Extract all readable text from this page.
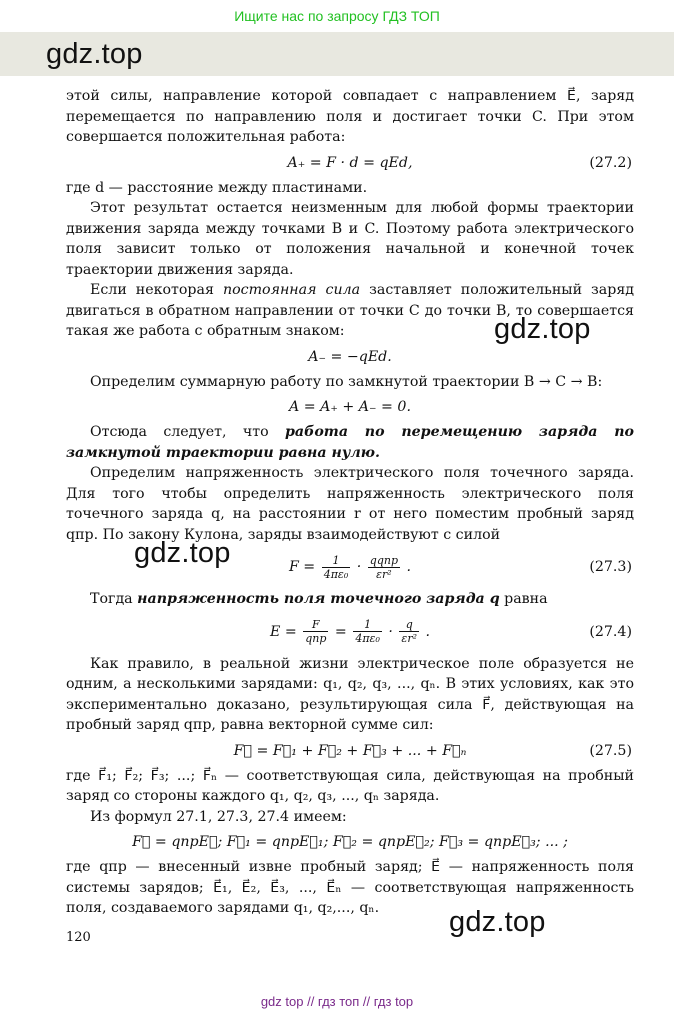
Ищите нас по запросу ГДЗ ТОП
gdz.top

этой силы, направление которой совпадает с направлением E⃗, заряд перемещается по направлению поля и достигает точки C. При этом совершается положительная работа:

A₊ = F · d = qEd,	(27.2)

где d — расстояние между пластинами.

Этот результат остается неизменным для любой формы траектории движения заряда между точками B и C. Поэтому работа электрического поля зависит только от положения начальной и конечной точек траектории движения заряда.

Если некоторая постоянная сила заставляет положительный заряд двигаться в обратном направлении от точки C до точки B, то совершается такая же работа с обратным знаком:

A₋ = −qEd.

Определим суммарную работу по замкнутой траектории B → C → B:

A = A₊ + A₋ = 0.

Отсюда следует, что работа по перемещению заряда по замкнутой траектории равна нулю.

Определим напряженность электрического поля точечного заряда. Для того чтобы определить напряженность электрического поля точечного заряда q, на расстоянии r от него поместим пробный заряд qпр. По закону Кулона, заряды взаимодействуют с силой

$F = \frac{1}{\text{4πε₀}} \cdot \frac{\text{qqпр}}{\text{εr²}}$ .	(27.3)

Тогда напряженность поля точечного заряда q равна

$E = \frac{F}{\text{qпр}} = \frac{1}{\text{4πε₀}} \cdot \frac{q}{\text{εr²}}$ .	(27.4)

Как правило, в реальной жизни электрическое поле образуется не одним, а несколькими зарядами: q₁, q₂, q₃, ..., qₙ. В этих условиях, как это экспериментально доказано, результирующая сила F⃗, действующая на пробный заряд qпр, равна векторной сумме сил:

F⃗ = F⃗₁ + F⃗₂ + F⃗₃ + ... + F⃗ₙ	(27.5)

где F⃗₁; F⃗₂; F⃗₃; ...; F⃗ₙ — соответствующая сила, действующая на пробный заряд со стороны каждого q₁, q₂, q₃, ..., qₙ заряда.

Из формул 27.1, 27.3, 27.4 имеем:

F⃗ = qпрE⃗; F⃗₁ = qпрE⃗₁; F⃗₂ = qпрE⃗₂; F⃗₃ = qпрE⃗₃; ... ;

где qпр — внесенный извне пробный заряд; E⃗ — напряженность поля системы зарядов; E⃗₁, E⃗₂, E⃗₃, ..., E⃗ₙ — соответствующая напряженность поля, создаваемого зарядами q₁, q₂,..., qₙ.

gdz.top
gdz.top
gdz.top
120
gdz top // гдз топ // гдз top
